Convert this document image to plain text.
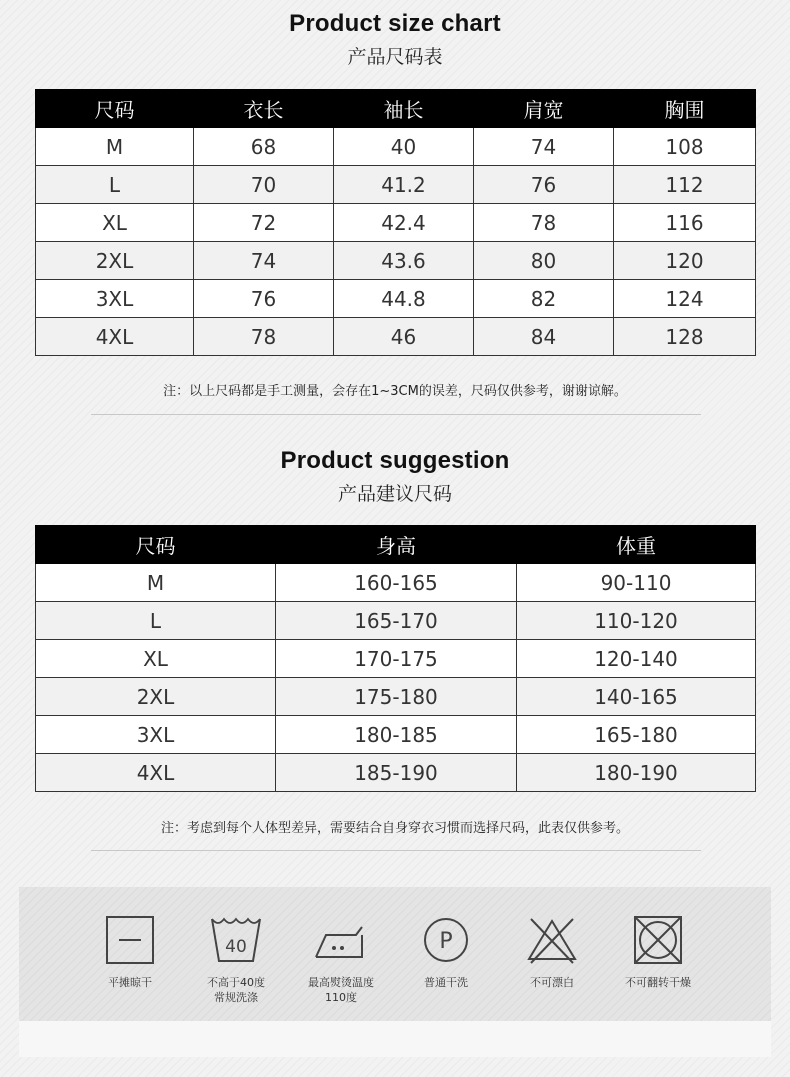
Product size chart
产品尺码表
尺码	衣长	袖长	肩宽	胸围
M	68	40	74	108
L	70	41.2	76	112
XL	72	42.4	78	116
2XL	74	43.6	80	120
3XL	76	44.8	82	124
4XL	78	46	84	128
注：以上尺码都是手工测量，会存在1~3CM的误差，尺码仅供参考，谢谢谅解。
Product suggestion
产品建议尺码
尺码	身高	体重
M	160-165	90-110
L	165-170	110-120
XL	170-175	120-140
2XL	175-180	140-165
3XL	180-185	165-180
4XL	185-190	180-190
注：考虑到每个人体型差异，需要结合自身穿衣习惯而选择尺码，此表仅供参考。
平摊晾干
40
不高于40度
常规洗涤
最高熨烫温度
110度
P
普通干洗	不可漂白	不可翻转干燥
